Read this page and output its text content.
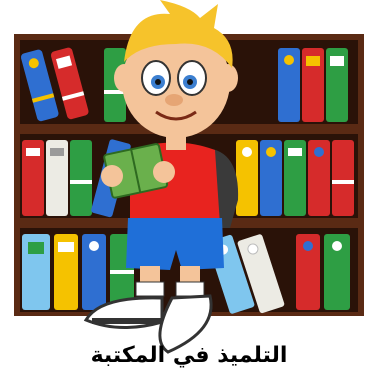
التلميذ في المكتبة
